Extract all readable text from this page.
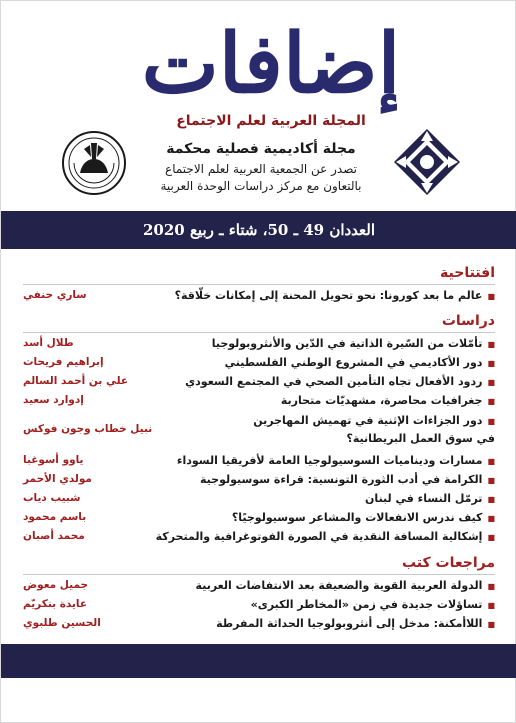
إضافات
المجلة العربية لعلم الاجتماع
مجلة أكاديمية فصلية محكمة
تصدر عن الجمعية العربية لعلم الاجتماع
بالتعاون مع مركز دراسات الوحدة العربية
العددان 49 ـ 50، شتاء ـ ربيع 2020
افتتاحية
■ عالم ما بعد كورونا: نحو تحويل المحنة إلى إمكانات خلّاقة؟
ساري حنفي
دراسات
■ تأمّلات من السّيرة الذاتية في الدّين والأنثروبولوجيا
طلال أسد
■ دور الأكاديمي في المشروع الوطني الفلسطيني
إبراهيم فريحات
■ ردود الأفعال تجاه التأمين الصحي في المجتمع السعودي
علي بن أحمد السالم
■ جغرافيات محاصرة، مشهديّات متحاربة
إدوارد سعيد
■ دور الجزاءات الإثنية في تهميش المهاجرين
في سوق العمل البريطانية؟
نبيل خطاب وجون فوكس
■ مسارات وديناميات السوسيولوجيا العامة لأفريقيا السوداء
ياوو أسوغبا
■ الكرامة في أدب الثورة التونسية: قراءة سوسيولوجية
مولدي الأحمر
■ ترمّل النساء في لبنان
شبيب دياب
■ كيف ندرس الانفعالات والمشاعر سوسيولوجيًا؟
باسم محمود
■ إشكالية المسافة النقدية في الصورة الفوتوغرافية والمتحركة
محمد أصبان
مراجعات كتب
■ الدولة العربية القوية والضعيفة بعد الانتفاضات العربية
جميل معوض
■ تساؤلات جديدة في زمن «المخاطر الكبرى»
عايدة بنكريّم
■ اللاأمكنة: مدخل إلى أنثروبولوجيا الحداثة المفرطة
الحسين طلبوي
